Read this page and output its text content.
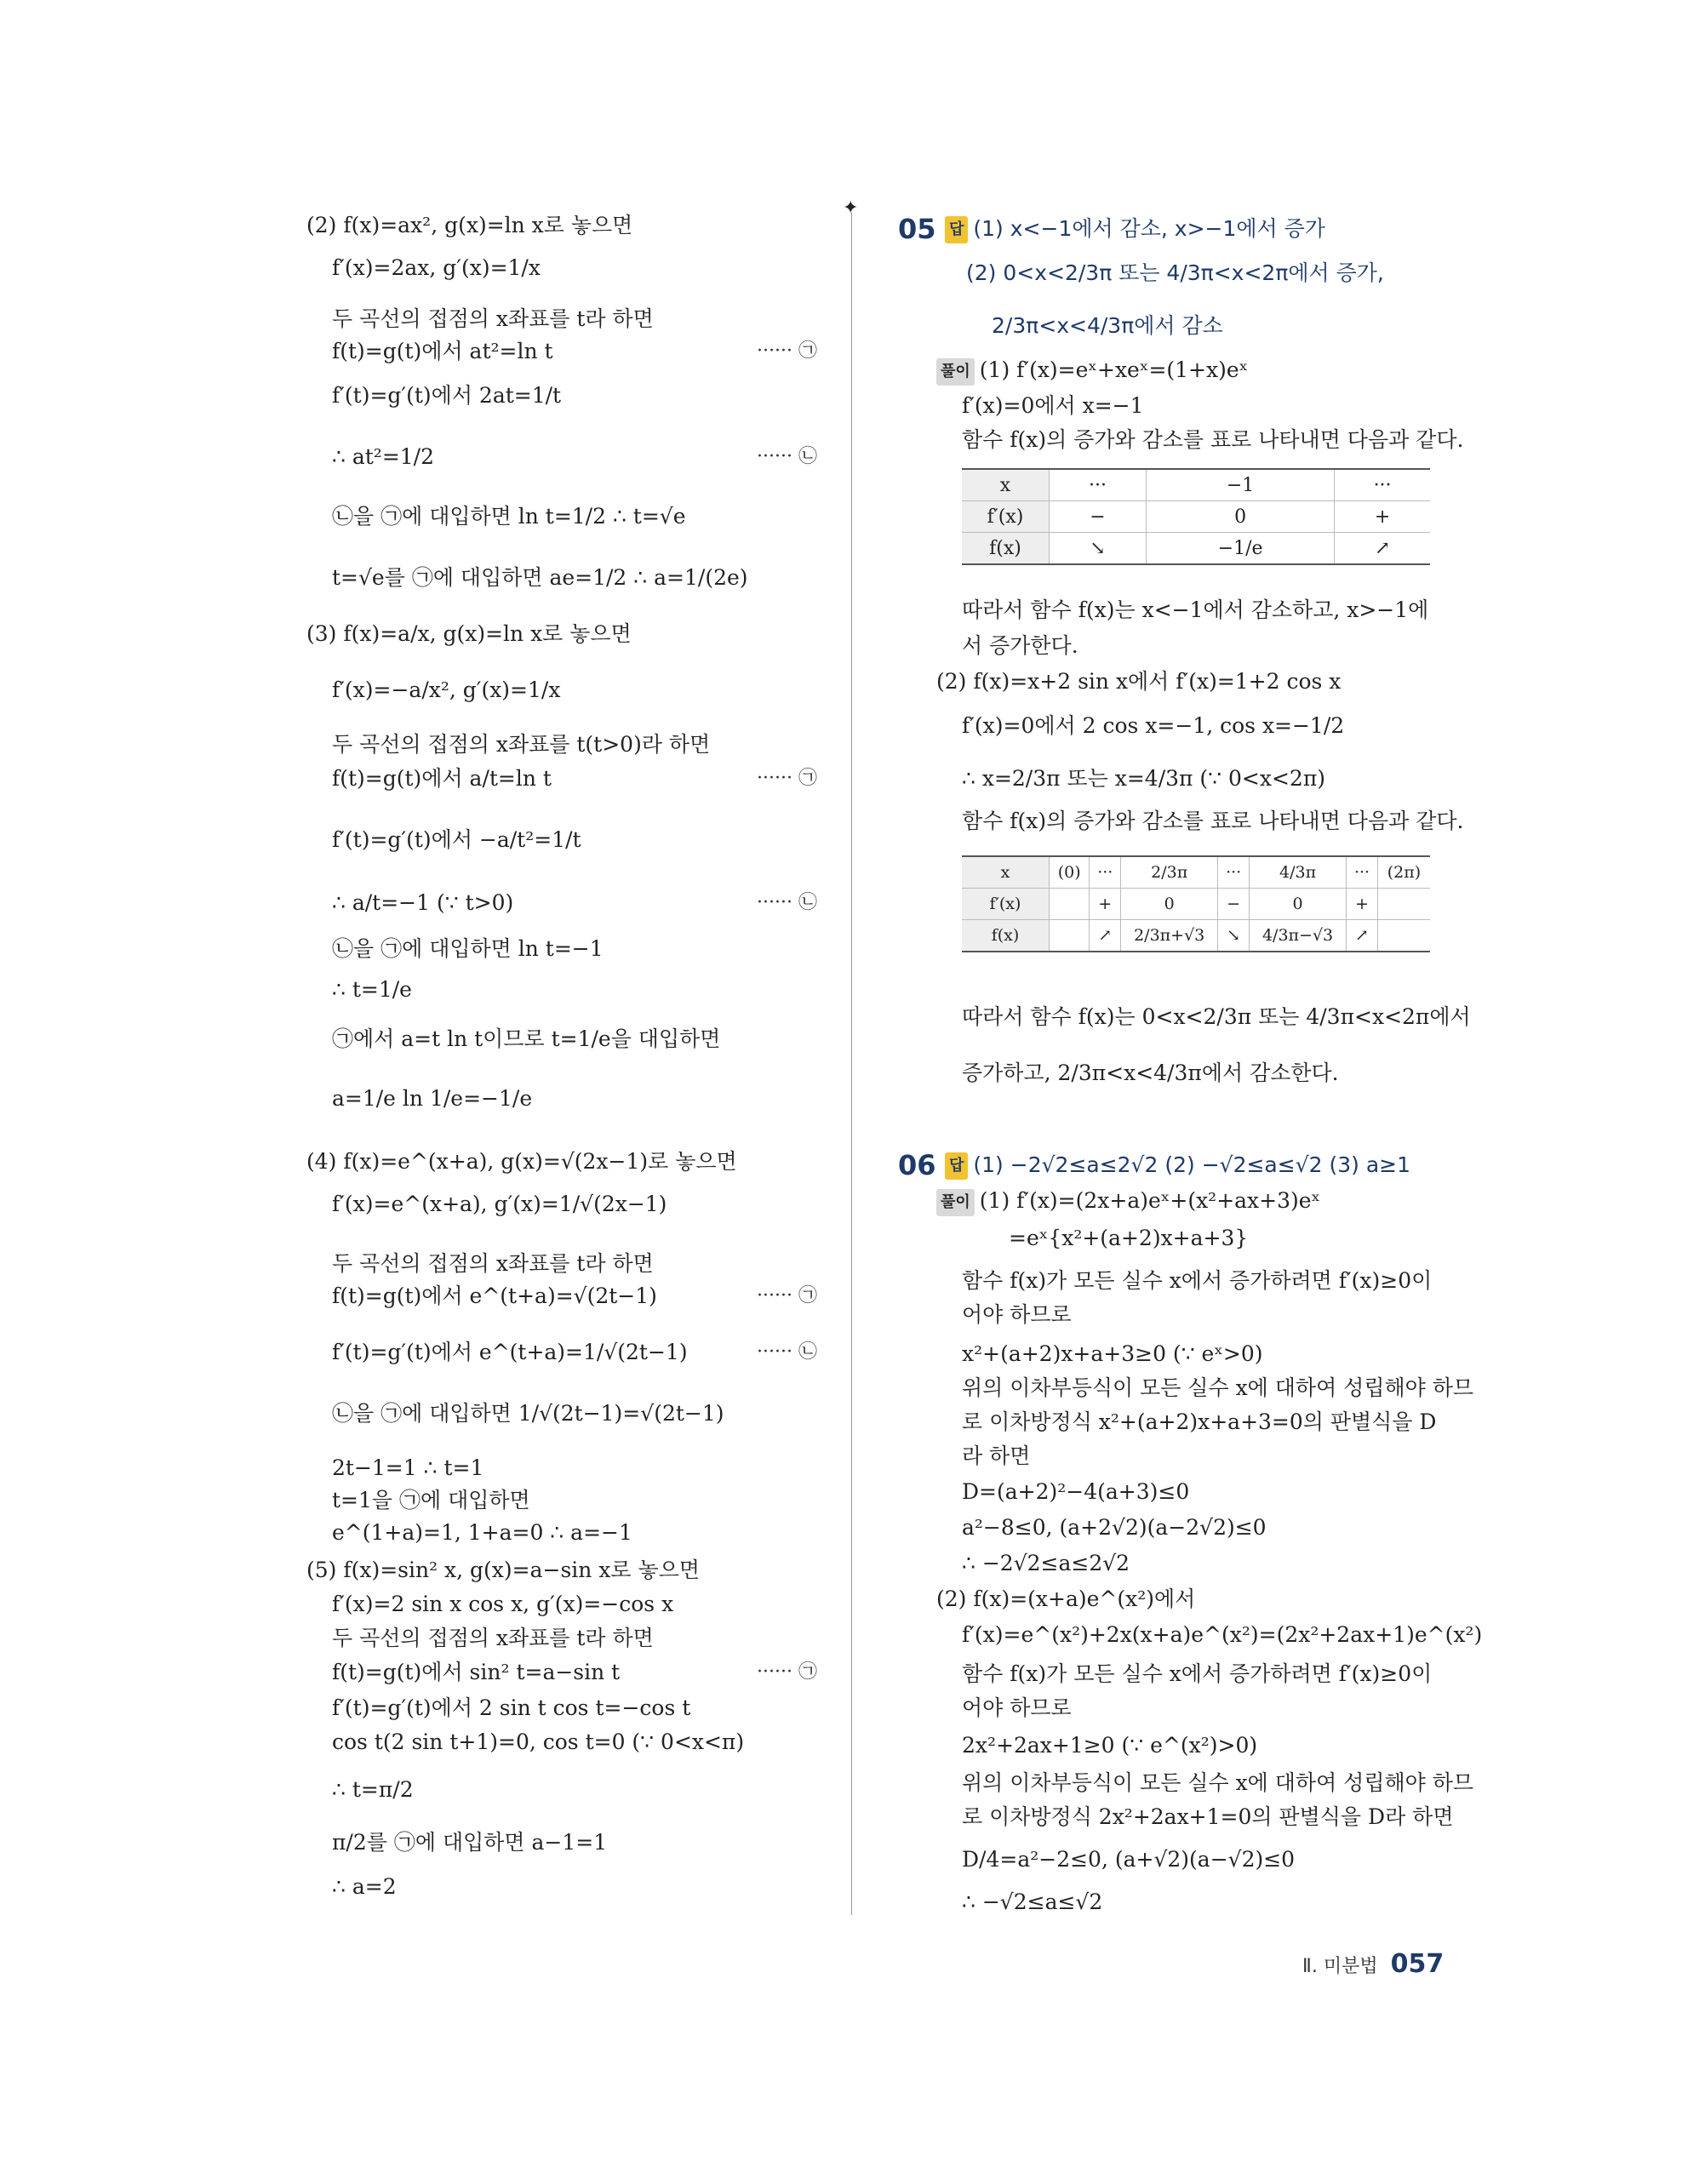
✦
(2) f(x)=ax², g(x)=ln x로 놓으면
f′(x)=2ax, g′(x)=1/x
두 곡선의 접점의 x좌표를 t라 하면
f(t)=g(t)에서 at²=ln t	······ ㉠
f′(t)=g′(t)에서 2at=1/t
∴ at²=1/2	······ ㉡
㉡을 ㉠에 대입하면 ln t=1/2 ∴ t=√e
t=√e를 ㉠에 대입하면 ae=1/2 ∴ a=1/(2e)
(3) f(x)=a/x, g(x)=ln x로 놓으면
f′(x)=−a/x², g′(x)=1/x
두 곡선의 접점의 x좌표를 t(t>0)라 하면
f(t)=g(t)에서 a/t=ln t	······ ㉠
f′(t)=g′(t)에서 −a/t²=1/t
∴ a/t=−1 (∵ t>0)	······ ㉡
㉡을 ㉠에 대입하면 ln t=−1
∴ t=1/e
㉠에서 a=t ln t이므로 t=1/e을 대입하면
a=1/e ln 1/e=−1/e
(4) f(x)=e^(x+a), g(x)=√(2x−1)로 놓으면
f′(x)=e^(x+a), g′(x)=1/√(2x−1)
두 곡선의 접점의 x좌표를 t라 하면
f(t)=g(t)에서 e^(t+a)=√(2t−1)	······ ㉠
f′(t)=g′(t)에서 e^(t+a)=1/√(2t−1)	······ ㉡
㉡을 ㉠에 대입하면 1/√(2t−1)=√(2t−1)
2t−1=1 ∴ t=1
t=1을 ㉠에 대입하면
e^(1+a)=1, 1+a=0 ∴ a=−1
(5) f(x)=sin² x, g(x)=a−sin x로 놓으면
f′(x)=2 sin x cos x, g′(x)=−cos x
두 곡선의 접점의 x좌표를 t라 하면
f(t)=g(t)에서 sin² t=a−sin t	······ ㉠
f′(t)=g′(t)에서 2 sin t cos t=−cos t
cos t(2 sin t+1)=0, cos t=0 (∵ 0<x<π)
∴ t=π/2
π/2를 ㉠에 대입하면 a−1=1
∴ a=2
05 답 (1) x<−1에서 감소, x>−1에서 증가
(2) 0<x<2/3π 또는 4/3π<x<2π에서 증가,
2/3π<x<4/3π에서 감소
풀이 (1) f′(x)=eˣ+xeˣ=(1+x)eˣ
f′(x)=0에서 x=−1
함수 f(x)의 증가와 감소를 표로 나타내면 다음과 같다.
x	···	−1	···
f′(x)	−	0	+
f(x)	↘	−1/e	↗
따라서 함수 f(x)는 x<−1에서 감소하고, x>−1에
서 증가한다.
(2) f(x)=x+2 sin x에서 f′(x)=1+2 cos x
f′(x)=0에서 2 cos x=−1, cos x=−1/2
∴ x=2/3π 또는 x=4/3π (∵ 0<x<2π)
함수 f(x)의 증가와 감소를 표로 나타내면 다음과 같다.
x	(0)	···	2/3π	···	4/3π	···	(2π)
f′(x)		+	0	−	0	+	
f(x)		↗	2/3π+√3	↘	4/3π−√3	↗	
따라서 함수 f(x)는 0<x<2/3π 또는 4/3π<x<2π에서
증가하고, 2/3π<x<4/3π에서 감소한다.
06 답 (1) −2√2≤a≤2√2 (2) −√2≤a≤√2 (3) a≥1
풀이 (1) f′(x)=(2x+a)eˣ+(x²+ax+3)eˣ
=eˣ{x²+(a+2)x+a+3}
함수 f(x)가 모든 실수 x에서 증가하려면 f′(x)≥0이
어야 하므로
x²+(a+2)x+a+3≥0 (∵ eˣ>0)
위의 이차부등식이 모든 실수 x에 대하여 성립해야 하므
로 이차방정식 x²+(a+2)x+a+3=0의 판별식을 D
라 하면
D=(a+2)²−4(a+3)≤0
a²−8≤0, (a+2√2)(a−2√2)≤0
∴ −2√2≤a≤2√2
(2) f(x)=(x+a)e^(x²)에서
f′(x)=e^(x²)+2x(x+a)e^(x²)=(2x²+2ax+1)e^(x²)
함수 f(x)가 모든 실수 x에서 증가하려면 f′(x)≥0이
어야 하므로
2x²+2ax+1≥0 (∵ e^(x²)>0)
위의 이차부등식이 모든 실수 x에 대하여 성립해야 하므
로 이차방정식 2x²+2ax+1=0의 판별식을 D라 하면
D/4=a²−2≤0, (a+√2)(a−√2)≤0
∴ −√2≤a≤√2
Ⅱ. 미분법 057
